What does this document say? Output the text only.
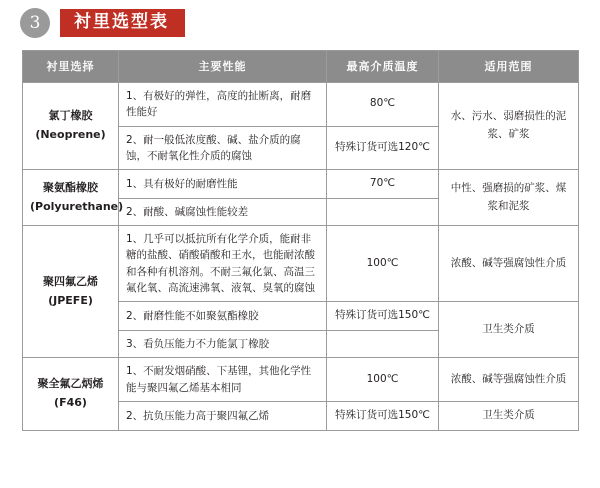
3	衬里选型表
衬里选择	主要性能	最高介质温度	适用范围

氯丁橡胶
(Neoprene)	1、有极好的弹性，高度的扯断离，耐磨性能好	80℃	水、污水、弱磨损性的泥浆、矿浆
	2、耐一般低浓度酸、碱、盐介质的腐蚀，不耐氧化性介质的腐蚀	特殊订货可选120℃	

聚氨酯橡胶
(Polyurethane)	1、具有极好的耐磨性能	70℃	中性、强磨损的矿浆、煤浆和泥浆
	2、耐酸、碱腐蚀性能较差		

聚四氟乙烯
(JPEFE)	1、几乎可以抵抗所有化学介质，能耐非糖的盐酸、硝酸硝酸和王水，也能耐浓酸和各种有机溶剂。不耐三氟化氯、高温三氟化氧、高流速沸氧、液氧、臭氧的腐蚀	100℃	浓酸、碱等强腐蚀性介质
	2、耐磨性能不如聚氨酯橡胶	特殊订货可选150℃	卫生类介质
	3、看负压能力不力能氯丁橡胶		

聚全氟乙炳烯
(F46)	1、不耐发烟硝酸、下基锂，其他化学性能与聚四氟乙烯基本相同	100℃	浓酸、碱等强腐蚀性介质
	2、抗负压能力高于聚四氟乙烯	特殊订货可选150℃	卫生类介质
